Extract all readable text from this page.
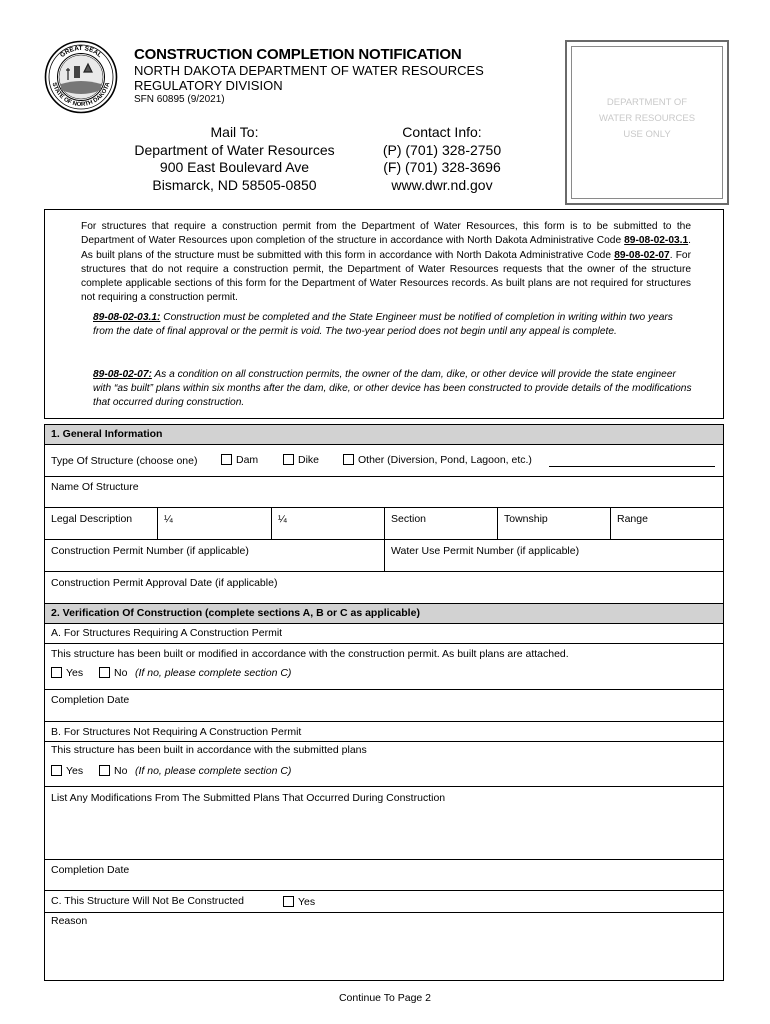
GREAT SEAL
STATE OF NORTH DAKOTA
CONSTRUCTION COMPLETION NOTIFICATION
NORTH DAKOTA DEPARTMENT OF WATER RESOURCES
REGULATORY DIVISION
SFN 60895 (9/2021)
Mail To:
Department of Water Resources
900 East Boulevard Ave
Bismarck, ND 58505-0850
Contact Info:
(P) (701) 328-2750
(F) (701) 328-3696
www.dwr.nd.gov
DEPARTMENT OF
WATER RESOURCES
USE ONLY
For structures that require a construction permit from the Department of Water Resources, this form is to be submitted to the Department of Water Resources upon completion of the structure in accordance with North Dakota Administrative Code 89-08-02-03.1. As built plans of the structure must be submitted with this form in accordance with North Dakota Administrative Code 89-08-02-07. For structures that do not require a construction permit, the Department of Water Resources requests that the owner of the structure complete applicable sections of this form for the Department of Water Resources records. As built plans are not required for structures not requiring a construction permit.
89-08-02-03.1: Construction must be completed and the State Engineer must be notified of completion in writing within two years from the date of final approval or the permit is void. The two-year period does not begin until any appeal is complete.
89-08-02-07: As a condition on all construction permits, the owner of the dam, dike, or other device will provide the state engineer with “as built” plans within six months after the dam, dike, or other device has been constructed to provide details of the modifications that occurred during construction.
1. General Information
Type Of Structure (choose one)	Dam	Dike	Other (Diversion, Pond, Lagoon, etc.)
Name Of Structure
Legal Description	¼	¼	Section	Township	Range
Construction Permit Number (if applicable)	Water Use Permit Number (if applicable)
Construction Permit Approval Date (if applicable)
2. Verification Of Construction (complete sections A, B or C as applicable)
A. For Structures Requiring A Construction Permit
This structure has been built or modified in accordance with the construction permit. As built plans are attached.
Yes	No (If no, please complete section C)
Completion Date
B. For Structures Not Requiring A Construction Permit
This structure has been built in accordance with the submitted plans
Yes	No (If no, please complete section C)
List Any Modifications From The Submitted Plans That Occurred During Construction
Completion Date
C. This Structure Will Not Be Constructed	Yes
Reason
Continue To Page 2
